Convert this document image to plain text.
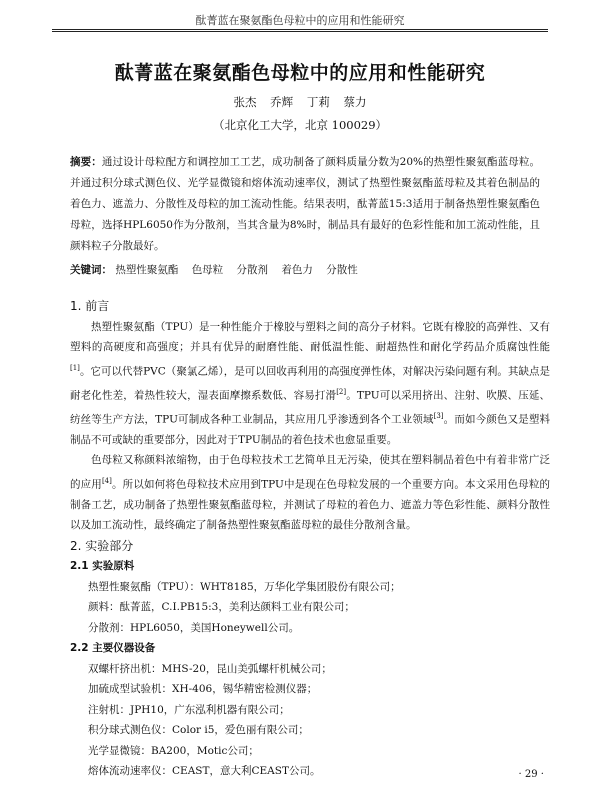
酞菁蓝在聚氨酯色母粒中的应用和性能研究
酞菁蓝在聚氨酯色母粒中的应用和性能研究
张杰 乔辉 丁莉 蔡力
（北京化工大学，北京 100029）
摘要：通过设计母粒配方和调控加工工艺，成功制备了颜料质量分数为20%的热塑性聚氨酯蓝母粒。并通过积分球式测色仪、光学显微镜和熔体流动速率仪，测试了热塑性聚氨酯蓝母粒及其着色制品的着色力、遮盖力、分散性及母粒的加工流动性能。结果表明，酞菁蓝15:3适用于制备热塑性聚氨酯色母粒，选择HPL6050作为分散剂，当其含量为8%时，制品具有最好的色彩性能和加工流动性能，且颜料粒子分散最好。
关键词： 热塑性聚氨酯 色母粒 分散剂 着色力 分散性

1. 前言

热塑性聚氨酯（TPU）是一种性能介于橡胶与塑料之间的高分子材料。它既有橡胶的高弹性、又有塑料的高硬度和高强度；并具有优异的耐磨性能、耐低温性能、耐超热性和耐化学药品介质腐蚀性能[1]。它可以代替PVC（聚氯乙烯），是可以回收再利用的高强度弹性体，对解决污染问题有利。其缺点是耐老化性差，着热性较大，湿表面摩擦系数低、容易打滑[2]。TPU可以采用挤出、注射、吹膜、压延、纺丝等生产方法，TPU可制成各种工业制品，其应用几乎渗透到各个工业领域[3]。而如今颜色又是塑料制品不可或缺的重要部分，因此对于TPU制品的着色技术也愈显重要。

色母粒又称颜料浓缩物，由于色母粒技术工艺简单且无污染，使其在塑料制品着色中有着非常广泛的应用[4]。所以如何将色母粒技术应用到TPU中是现在色母粒发展的一个重要方向。本文采用色母粒的制备工艺，成功制备了热塑性聚氨酯蓝母粒，并测试了母粒的着色力、遮盖力等色彩性能、颜料分散性以及加工流动性，最终确定了制备热塑性聚氨酯蓝母粒的最佳分散剂含量。

2. 实验部分

2.1 实验原料

热塑性聚氨酯（TPU）：WHT8185，万华化学集团股份有限公司；

颜料：酞菁蓝，C.I.PB15:3，美利达颜料工业有限公司；

分散剂：HPL6050，美国Honeywell公司。

2.2 主要仪器设备

双螺杆挤出机：MHS-20，昆山美弧螺杆机械公司；

加硫成型试验机：XH-406，锡华精密检测仪器；

注射机：JPH10，广东泓利机器有限公司；

积分球式测色仪：Color i5，爱色丽有限公司；

光学显微镜：BA200，Motic公司；

熔体流动速率仪：CEAST，意大利CEAST公司。	· 29 ·
